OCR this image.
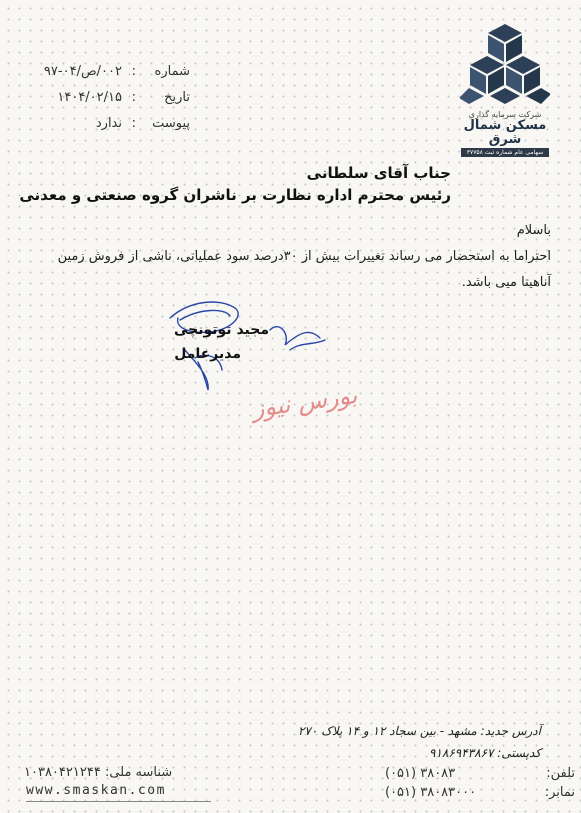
شرکت سرمایه گذاری
مسکن شمال شرق
سهامی عام شماره ثبت ۳۷۷۵۸
شماره
:
۰۰۲/ص/۰۴-۹۷
تاریخ
:
۱۴۰۴/۰۲/۱۵
پیوست
:
ندارد
جناب آقای سلطانی
رئیس محترم اداره نظارت بر ناشران گروه صنعتی و معدنی
باسلام
احتراما به استحضار می رساند تغییرات بیش از ۳۰درصد سود عملیاتی، ناشی از فروش زمین آناهیتا میی باشد.
مجید توتونچی
مدیرعامل
بورس نیوز
آدرس جدید: مشهد - بین سجاد ۱۲ و ۱۴ پلاک ۲۷۰
کدپستی: ۹۱۸۶۹۴۳۸۶۷
تلفن:
(۰۵۱) ۳۸۰۸۳
نمابر:
(۰۵۱) ۳۸۰۸۳۰۰۰
شناسه ملی: ۱۰۳۸۰۴۲۱۲۴۴
www.smaskan.com
